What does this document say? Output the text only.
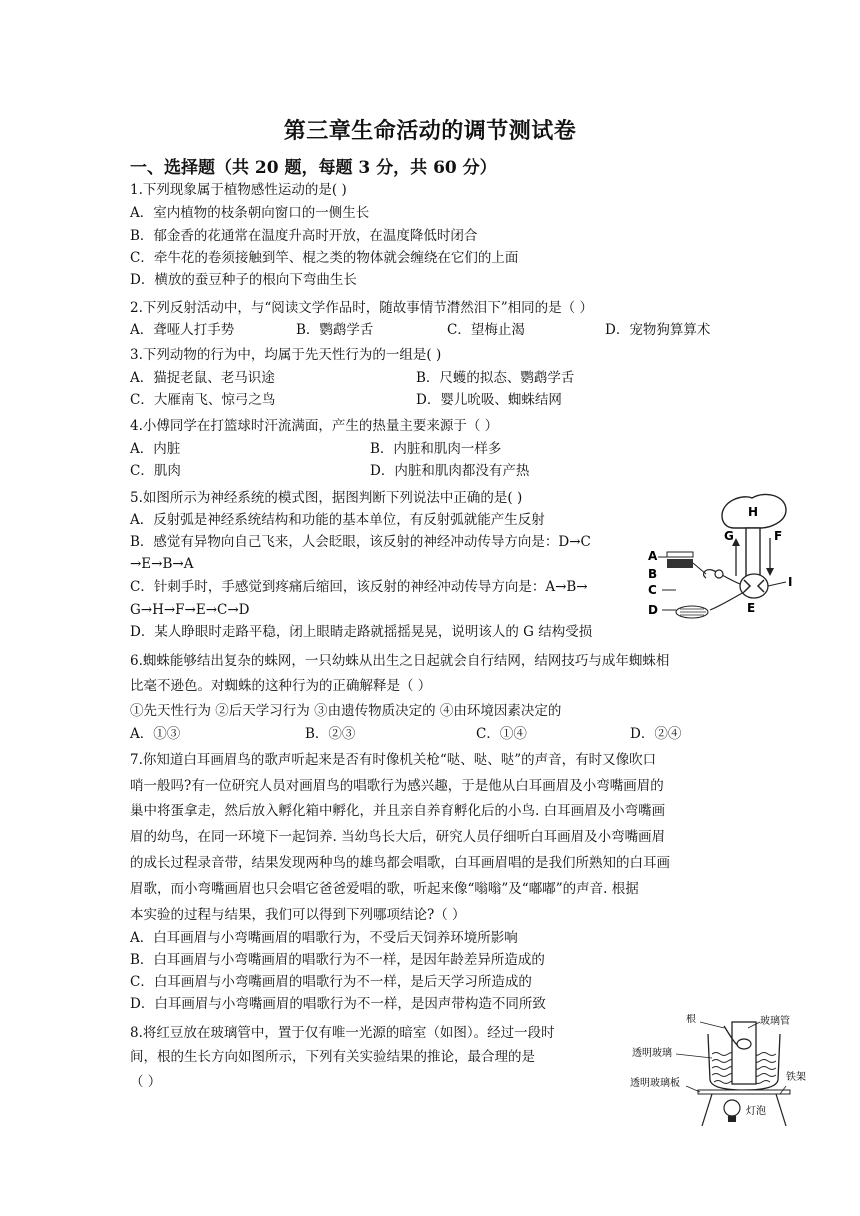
第三章生命活动的调节测试卷
一、选择题（共 20 题，每题 3 分，共 60 分）
1.下列现象属于植物感性运动的是( )
A．室内植物的枝条朝向窗口的一侧生长
B．郁金香的花通常在温度升高时开放，在温度降低时闭合
C．牵牛花的卷须接触到竿、棍之类的物体就会缠绕在它们的上面
D．横放的蚕豆种子的根向下弯曲生长
2.下列反射活动中，与“阅读文学作品时，随故事情节潸然泪下”相同的是（ ）
A．聋哑人打手势	B．鹦鹉学舌	C．望梅止渴	D．宠物狗算算术
3.下列动物的行为中，均属于先天性行为的一组是( )
A．猫捉老鼠、老马识途	B．尺蠖的拟态、鹦鹉学舌
C．大雁南飞、惊弓之鸟	D．婴儿吮吸、蜘蛛结网
4.小傅同学在打篮球时汗流满面，产生的热量主要来源于（ ）
A．内脏	B．内脏和肌肉一样多
C．肌肉	D．内脏和肌肉都没有产热
5.如图所示为神经系统的模式图，据图判断下列说法中正确的是( )
A．反射弧是神经系统结构和功能的基本单位，有反射弧就能产生反射
B．感觉有异物向自己飞来，人会眨眼，该反射的神经冲动传导方向是：D→C
→E→B→A
C．针刺手时，手感觉到疼痛后缩回，该反射的神经冲动传导方向是：A→B→
G→H→F→E→C→D
D．某人睁眼时走路平稳，闭上眼睛走路就摇摇晃晃，说明该人的 G 结构受损
H
G	F
A
B
C
D	E
I
6.蜘蛛能够结出复杂的蛛网，一只幼蛛从出生之日起就会自行结网，结网技巧与成年蜘蛛相
比毫不逊色。对蜘蛛的这种行为的正确解释是（ ）
①先天性行为 ②后天学习行为 ③由遗传物质决定的 ④由环境因素决定的
A．①③	B．②③	C．①④	D．②④
7.你知道白耳画眉鸟的歌声听起来是否有时像机关枪“哒、哒、哒”的声音，有时又像吹口
哨一般吗?有一位研究人员对画眉鸟的唱歌行为感兴趣，于是他从白耳画眉及小弯嘴画眉的
巢中将蛋拿走，然后放入孵化箱中孵化，并且亲自养育孵化后的小鸟. 白耳画眉及小弯嘴画
眉的幼鸟，在同一环境下一起饲养. 当幼鸟长大后，研究人员仔细听白耳画眉及小弯嘴画眉
的成长过程录音带，结果发现两种鸟的雄鸟都会唱歌，白耳画眉唱的是我们所熟知的白耳画
眉歌，而小弯嘴画眉也只会唱它爸爸爱唱的歌，听起来像“嗡嗡”及“嘟嘟”的声音. 根据
本实验的过程与结果，我们可以得到下列哪项结论?（ ）
A．白耳画眉与小弯嘴画眉的唱歌行为，不受后天饲养环境所影响
B．白耳画眉与小弯嘴画眉的唱歌行为不一样，是因年龄差异所造成的
C．白耳画眉与小弯嘴画眉的唱歌行为不一样，是后天学习所造成的
D．白耳画眉与小弯嘴画眉的唱歌行为不一样，是因声带构造不同所致
8.将红豆放在玻璃管中，置于仅有唯一光源的暗室（如图）。经过一段时
间，根的生长方向如图所示，下列有关实验结果的推论，最合理的是
（ ）
根	玻璃管
透明玻璃
透明玻璃板
铁架
灯泡
